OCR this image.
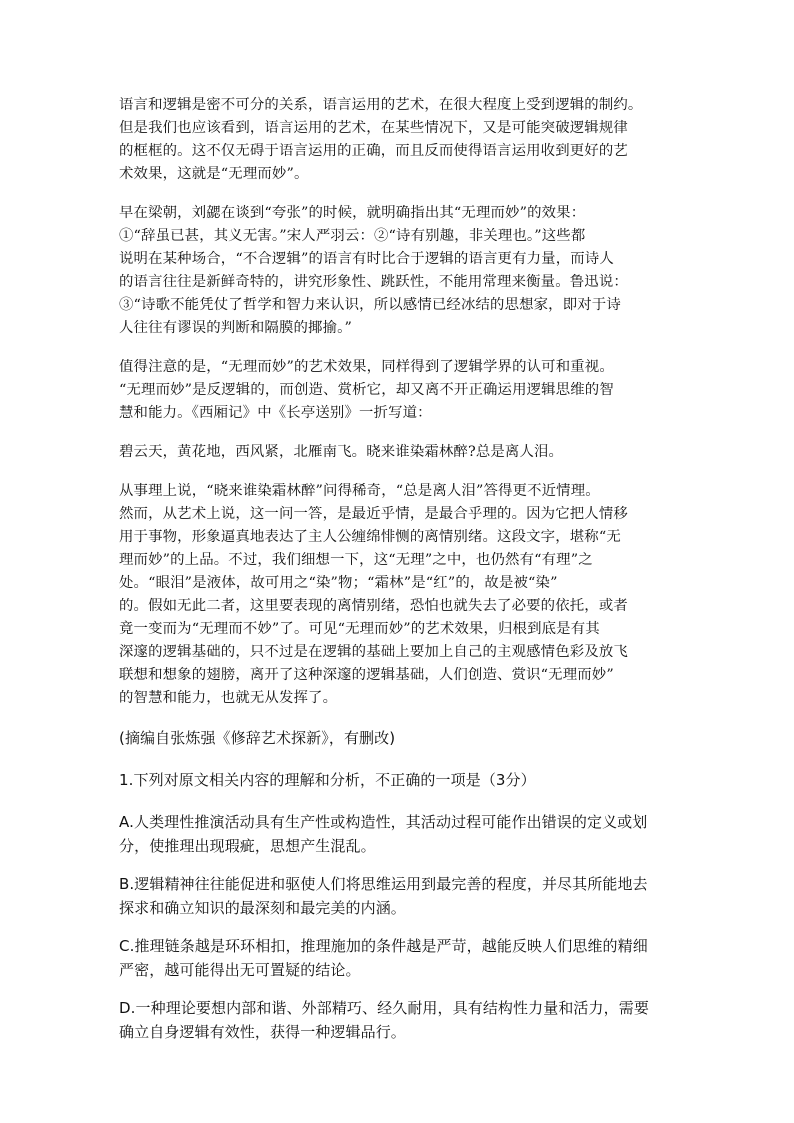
语言和逻辑是密不可分的关系，语言运用的艺术，在很大程度上受到逻辑的制约。
但是我们也应该看到，语言运用的艺术，在某些情况下，又是可能突破逻辑规律
的框框的。这不仅无碍于语言运用的正确，而且反而使得语言运用收到更好的艺
术效果，这就是“无理而妙”。

早在梁朝，刘勰在谈到“夸张”的时候，就明确指出其“无理而妙”的效果：
①“辞虽已甚，其义无害。”宋人严羽云：②“诗有别趣，非关理也。”这些都
说明在某种场合，“不合逻辑”的语言有时比合于逻辑的语言更有力量，而诗人
的语言往往是新鲜奇特的，讲究形象性、跳跃性，不能用常理来衡量。鲁迅说：
③“诗歌不能凭仗了哲学和智力来认识，所以感情已经冰结的思想家，即对于诗
人往往有谬误的判断和隔膜的揶揄。”

值得注意的是，“无理而妙”的艺术效果，同样得到了逻辑学界的认可和重视。
“无理而妙”是反逻辑的，而创造、赏析它，却又离不开正确运用逻辑思维的智
慧和能力。《西厢记》中《长亭送别》一折写道：

碧云天，黄花地，西风紧，北雁南飞。晓来谁染霜林醉?总是离人泪。

从事理上说，“晓来谁染霜林醉”问得稀奇，“总是离人泪”答得更不近情理。
然而，从艺术上说，这一问一答，是最近乎情，是最合乎理的。因为它把人情移
用于事物，形象逼真地表达了主人公缠绵悱恻的离情别绪。这段文字，堪称“无
理而妙”的上品。不过，我们细想一下，这“无理”之中，也仍然有“有理”之
处。“眼泪”是液体，故可用之“染”物；“霜林”是“红”的，故是被“染”
的。假如无此二者，这里要表现的离情别绪，恐怕也就失去了必要的依托，或者
竟一变而为“无理而不妙”了。可见“无理而妙”的艺术效果，归根到底是有其
深邃的逻辑基础的，只不过是在逻辑的基础上要加上自己的主观感情色彩及放飞
联想和想象的翅膀，离开了这种深邃的逻辑基础，人们创造、赏识“无理而妙”
的智慧和能力，也就无从发挥了。

(摘编自张炼强《修辞艺术探新》，有删改)

1.下列对原文相关内容的理解和分析，不正确的一项是（3分）

A.人类理性推演活动具有生产性或构造性，其活动过程可能作出错误的定义或划
分，使推理出现瑕疵，思想产生混乱。

B.逻辑精神往往能促进和驱使人们将思维运用到最完善的程度，并尽其所能地去
探求和确立知识的最深刻和最完美的内涵。

C.推理链条越是环环相扣，推理施加的条件越是严苛，越能反映人们思维的精细
严密，越可能得出无可置疑的结论。

D.一种理论要想内部和谐、外部精巧、经久耐用，具有结构性力量和活力，需要
确立自身逻辑有效性，获得一种逻辑品行。
